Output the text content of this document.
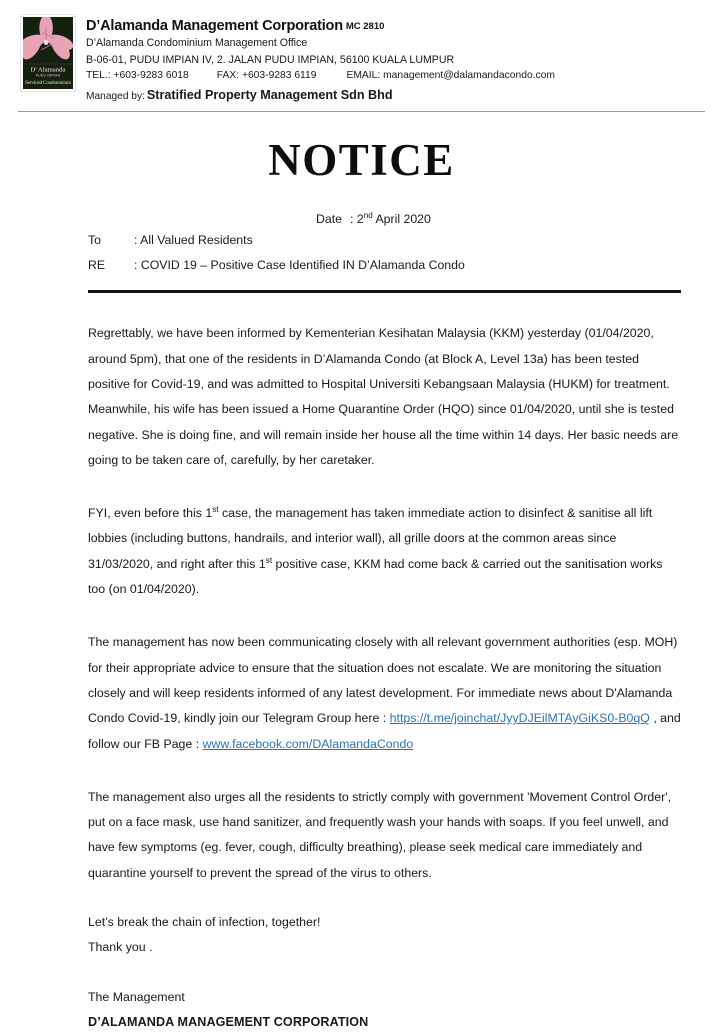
D' Alamanda
PUDU IMPIAN
Serviced Condominium
D’Alamanda Management Corporation MC 2810
D’Alamanda Condominium Management Office
B-06-01, PUDU IMPIAN IV, 2. JALAN PUDU IMPIAN, 56100 KUALA LUMPUR
TEL.: +603-9283 6018	FAX: +603-9283 6119	EMAIL: management@dalamandacondo.com
Managed by: Stratified Property Management Sdn Bhd
NOTICE
Date : 2nd April 2020
To	: All Valued Residents
RE	: COVID 19 – Positive Case Identified IN D’Alamanda Condo

Regrettably, we have been informed by Kementerian Kesihatan Malaysia (KKM) yesterday (01/04/2020, around 5pm), that one of the residents in D’Alamanda Condo (at Block A, Level 13a) has been tested positive for Covid-19, and was admitted to Hospital Universiti Kebangsaan Malaysia (HUKM) for treatment. Meanwhile, his wife has been issued a Home Quarantine Order (HQO) since 01/04/2020, until she is tested negative. She is doing fine, and will remain inside her house all the time within 14 days. Her basic needs are going to be taken care of, carefully, by her caretaker.

FYI, even before this 1st case, the management has taken immediate action to disinfect & sanitise all lift lobbies (including buttons, handrails, and interior wall), all grille doors at the common areas since 31/03/2020, and right after this 1st positive case, KKM had come back & carried out the sanitisation works too (on 01/04/2020).

The management has now been communicating closely with all relevant government authorities (esp. MOH) for their appropriate advice to ensure that the situation does not escalate. We are monitoring the situation closely and will keep residents informed of any latest development. For immediate news about D'Alamanda Condo Covid-19, kindly join our Telegram Group here : https://t.me/joinchat/JyyDJEilMTAyGiKS0-B0qQ , and follow our FB Page : www.facebook.com/DAlamandaCondo

The management also urges all the residents to strictly comply with government 'Movement Control Order', put on a face mask, use hand sanitizer, and frequently wash your hands with soaps. If you feel unwell, and have few symptoms (eg. fever, cough, difficulty breathing), please seek medical care immediately and quarantine yourself to prevent the spread of the virus to others.

Let’s break the chain of infection, together!

Thank you .

The Management

D’ALAMANDA MANAGEMENT CORPORATION
